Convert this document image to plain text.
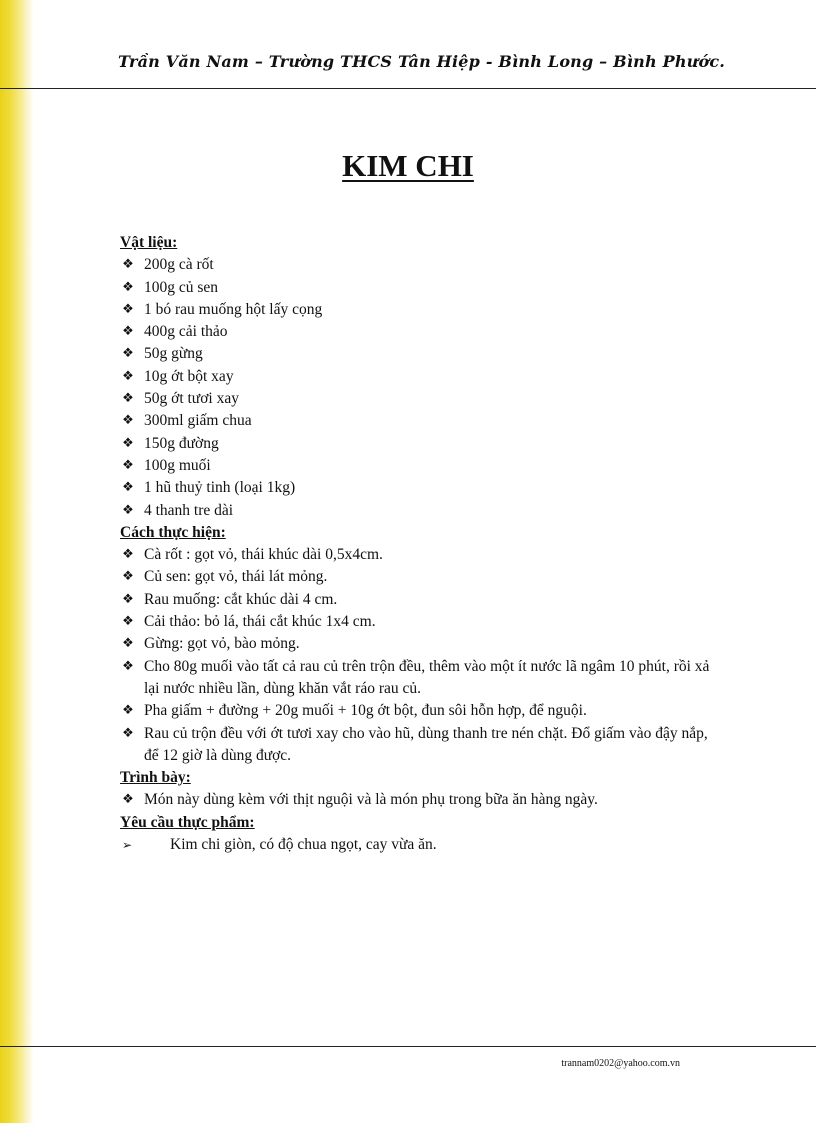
Trần Văn Nam – Trường THCS Tân Hiệp - Bình Long – Bình Phước.
KIM CHI
Vật liệu:
❖ 200g cà rốt
❖ 100g củ sen
❖ 1 bó rau muống hột lấy cọng
❖ 400g cải thảo
❖ 50g gừng
❖ 10g ớt bột xay
❖ 50g ớt tươi xay
❖ 300ml giấm chua
❖ 150g đường
❖ 100g muối
❖ 1 hũ thuỷ tinh (loại 1kg)
❖ 4 thanh tre dài
Cách thực hiện:
❖ Cà rốt : gọt vỏ, thái khúc dài 0,5x4cm.
❖ Củ sen: gọt vỏ, thái lát mỏng.
❖ Rau muống: cắt khúc dài 4 cm.
❖ Cải thảo: bỏ lá, thái cắt khúc 1x4 cm.
❖ Gừng: gọt vỏ, bào mỏng.
❖ Cho 80g muối vào tất cả rau củ trên trộn đều, thêm vào một ít nước lã ngâm 10 phút, rồi xả lại nước nhiều lần, dùng khăn vắt ráo rau củ.
❖ Pha giấm + đường + 20g muối + 10g ớt bột, đun sôi hỗn hợp, để nguội.
❖ Rau củ trộn đều với ớt tươi xay cho vào hũ, dùng thanh tre nén chặt. Đổ giấm vào đậy nắp, để 12 giờ là dùng được.
Trình bày:
❖ Món này dùng kèm với thịt nguội và là món phụ trong bữa ăn hàng ngày.
Yêu cầu thực phẩm:
➢ Kim chi giòn, có độ chua ngọt, cay vừa ăn.
trannam0202@yahoo.com.vn
